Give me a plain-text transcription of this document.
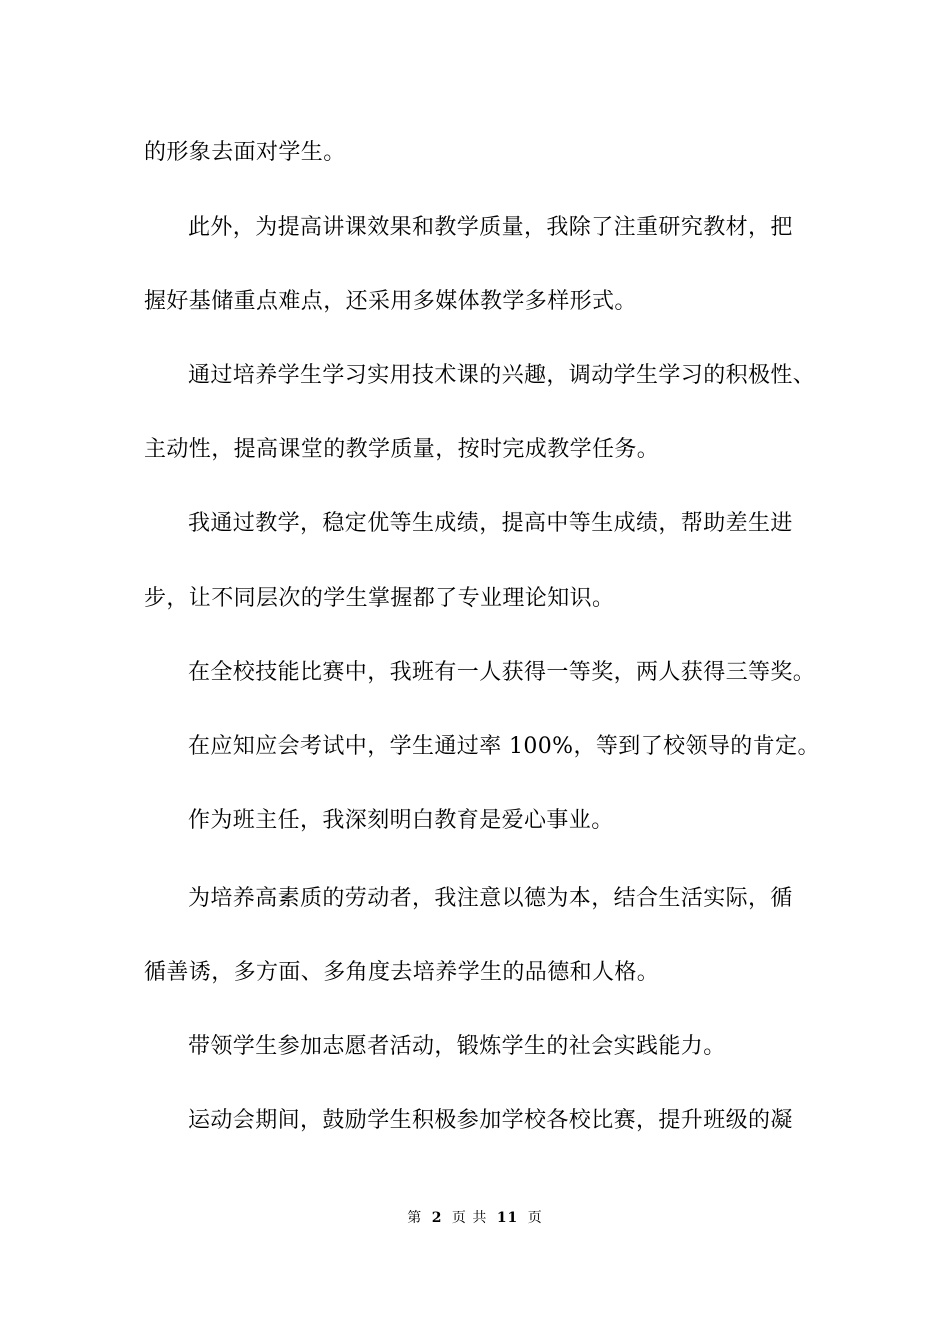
的形象去面对学生。
此外，为提高讲课效果和教学质量，我除了注重研究教材，把
握好基储重点难点，还采用多媒体教学多样形式。
通过培养学生学习实用技术课的兴趣，调动学生学习的积极性、
主动性，提高课堂的教学质量，按时完成教学任务。
我通过教学，稳定优等生成绩，提高中等生成绩，帮助差生进
步，让不同层次的学生掌握都了专业理论知识。
在全校技能比赛中，我班有一人获得一等奖，两人获得三等奖。
在应知应会考试中，学生通过率 100%，等到了校领导的肯定。
作为班主任，我深刻明白教育是爱心事业。
为培养高素质的劳动者，我注意以德为本，结合生活实际，循
循善诱，多方面、多角度去培养学生的品德和人格。
带领学生参加志愿者活动，锻炼学生的社会实践能力。
运动会期间，鼓励学生积极参加学校各校比赛，提升班级的凝
第 2 页 共 11 页
